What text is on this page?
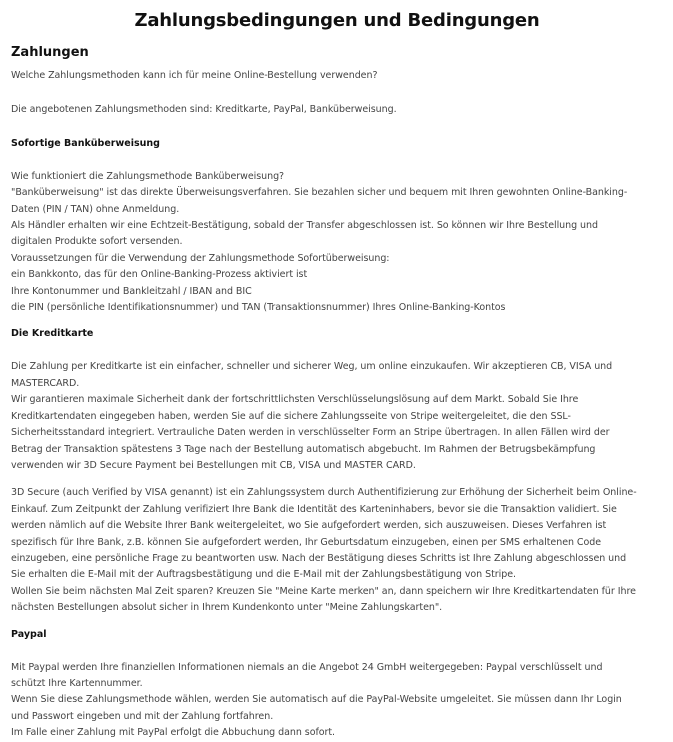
Zahlungsbedingungen und Bedingungen
Zahlungen

Welche Zahlungsmethoden kann ich für meine Online-Bestellung verwenden?

Die angebotenen Zahlungsmethoden sind: Kreditkarte, PayPal, Banküberweisung.

Sofortige Banküberweisung

Wie funktioniert die Zahlungsmethode Banküberweisung?
"Banküberweisung" ist das direkte Überweisungsverfahren. Sie bezahlen sicher und bequem mit Ihren gewohnten Online-Banking-
Daten (PIN / TAN) ohne Anmeldung.
Als Händler erhalten wir eine Echtzeit-Bestätigung, sobald der Transfer abgeschlossen ist. So können wir Ihre Bestellung und
digitalen Produkte sofort versenden.
Voraussetzungen für die Verwendung der Zahlungsmethode Sofortüberweisung:
ein Bankkonto, das für den Online-Banking-Prozess aktiviert ist
Ihre Kontonummer und Bankleitzahl / IBAN and BIC
die PIN (persönliche Identifikationsnummer) und TAN (Transaktionsnummer) Ihres Online-Banking-Kontos

Die Kreditkarte

Die Zahlung per Kreditkarte ist ein einfacher, schneller und sicherer Weg, um online einzukaufen. Wir akzeptieren CB, VISA und
MASTERCARD.
Wir garantieren maximale Sicherheit dank der fortschrittlichsten Verschlüsselungslösung auf dem Markt. Sobald Sie Ihre
Kreditkartendaten eingegeben haben, werden Sie auf die sichere Zahlungsseite von Stripe weitergeleitet, die den SSL-
Sicherheitsstandard integriert. Vertrauliche Daten werden in verschlüsselter Form an Stripe übertragen. In allen Fällen wird der
Betrag der Transaktion spätestens 3 Tage nach der Bestellung automatisch abgebucht. Im Rahmen der Betrugsbekämpfung
verwenden wir 3D Secure Payment bei Bestellungen mit CB, VISA und MASTER CARD.

3D Secure (auch Verified by VISA genannt) ist ein Zahlungssystem durch Authentifizierung zur Erhöhung der Sicherheit beim Online-
Einkauf. Zum Zeitpunkt der Zahlung verifiziert Ihre Bank die Identität des Karteninhabers, bevor sie die Transaktion validiert. Sie
werden nämlich auf die Website Ihrer Bank weitergeleitet, wo Sie aufgefordert werden, sich auszuweisen. Dieses Verfahren ist
spezifisch für Ihre Bank, z.B. können Sie aufgefordert werden, Ihr Geburtsdatum einzugeben, einen per SMS erhaltenen Code
einzugeben, eine persönliche Frage zu beantworten usw. Nach der Bestätigung dieses Schritts ist Ihre Zahlung abgeschlossen und
Sie erhalten die E-Mail mit der Auftragsbestätigung und die E-Mail mit der Zahlungsbestätigung von Stripe.
Wollen Sie beim nächsten Mal Zeit sparen? Kreuzen Sie "Meine Karte merken" an, dann speichern wir Ihre Kreditkartendaten für Ihre
nächsten Bestellungen absolut sicher in Ihrem Kundenkonto unter "Meine Zahlungskarten".

Paypal

Mit Paypal werden Ihre finanziellen Informationen niemals an die Angebot 24 GmbH weitergegeben: Paypal verschlüsselt und
schützt Ihre Kartennummer.
Wenn Sie diese Zahlungsmethode wählen, werden Sie automatisch auf die PayPal-Website umgeleitet. Sie müssen dann Ihr Login
und Passwort eingeben und mit der Zahlung fortfahren.
Im Falle einer Zahlung mit PayPal erfolgt die Abbuchung dann sofort.
